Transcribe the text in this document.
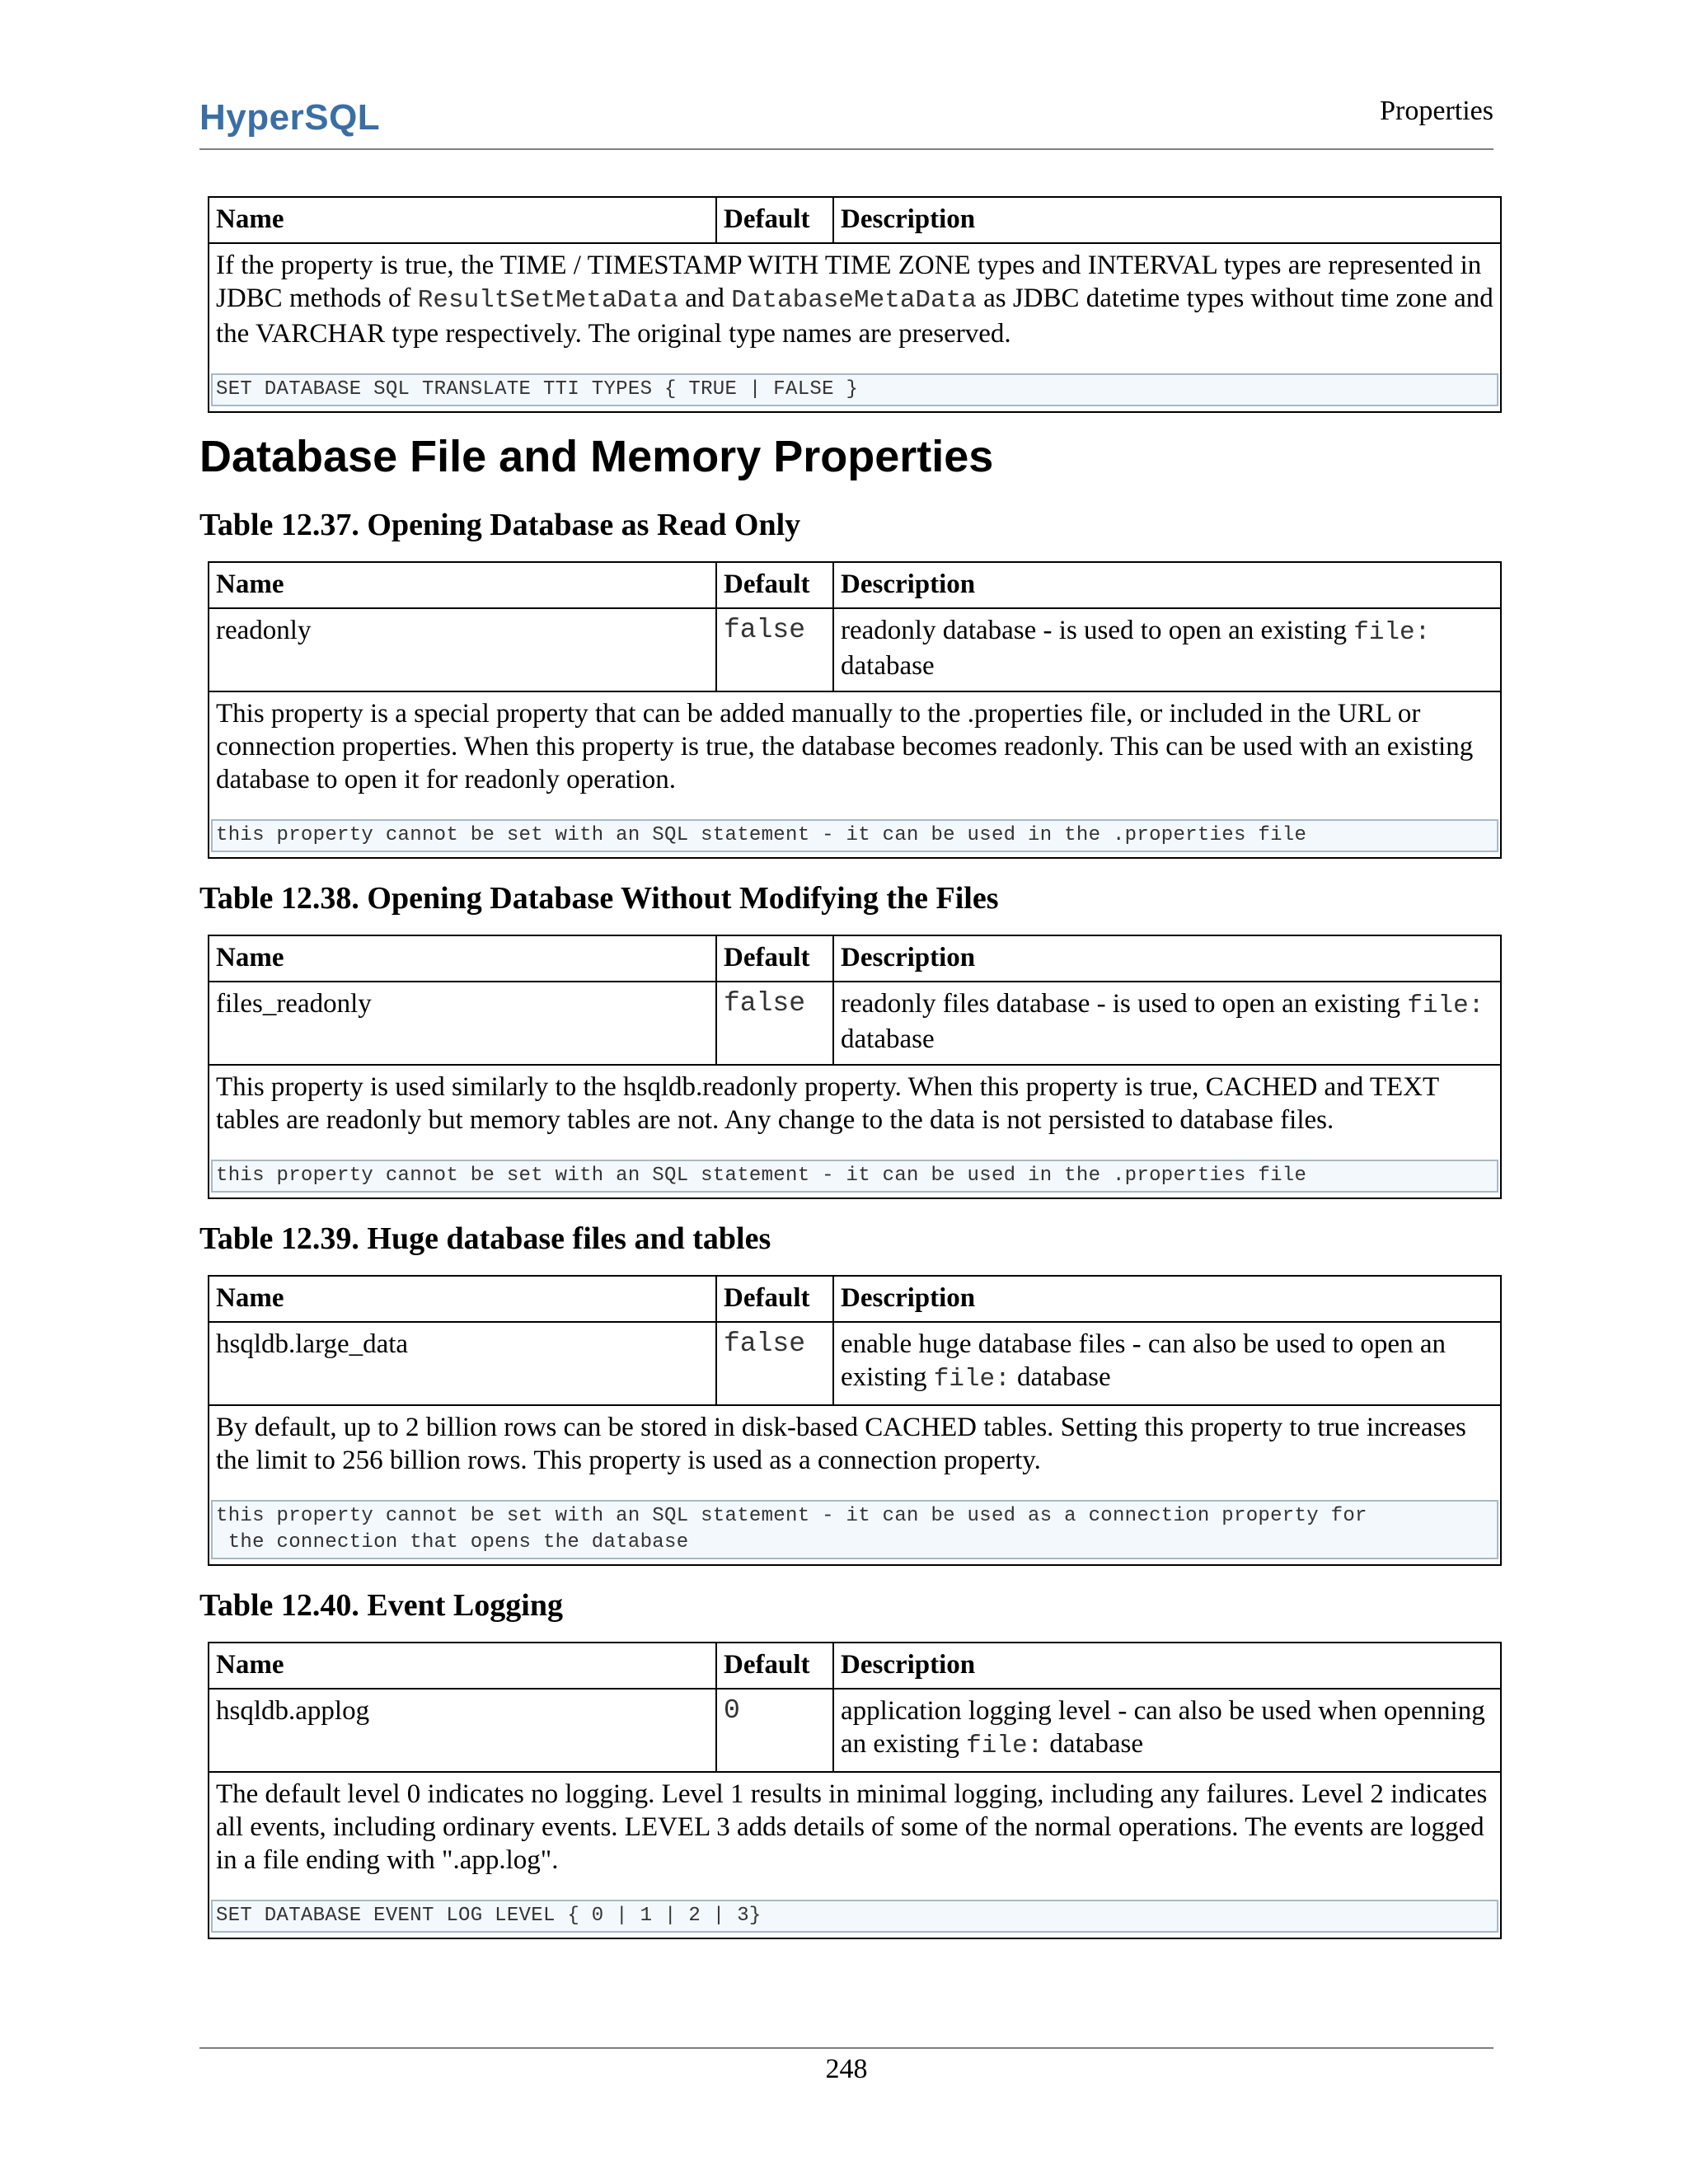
HyperSQL	Properties
Name	Default	Description
If the property is true, the TIME / TIMESTAMP WITH TIME ZONE types and INTERVAL types are represented in JDBC methods of ResultSetMetaData and DatabaseMetaData as JDBC datetime types without time zone and the VARCHAR type respectively. The original type names are preserved.
SET DATABASE SQL TRANSLATE TTI TYPES { TRUE | FALSE }
Database File and Memory Properties
Table 12.37. Opening Database as Read Only
Name	Default	Description
readonly	false	readonly database - is used to open an existing file: database
This property is a special property that can be added manually to the .properties file, or included in the URL or connection properties. When this property is true, the database becomes readonly. This can be used with an existing database to open it for readonly operation.
this property cannot be set with an SQL statement - it can be used in the .properties file		
Table 12.38. Opening Database Without Modifying the Files
Name	Default	Description
files_readonly	false	readonly files database - is used to open an existing file: database
This property is used similarly to the hsqldb.readonly property. When this property is true, CACHED and TEXT tables are readonly but memory tables are not. Any change to the data is not persisted to database files.
this property cannot be set with an SQL statement - it can be used in the .properties file		
Table 12.39. Huge database files and tables
Name	Default	Description
hsqldb.large_data	false	enable huge database files - can also be used to open an existing file: database
By default, up to 2 billion rows can be stored in disk-based CACHED tables. Setting this property to true increases the limit to 256 billion rows. This property is used as a connection property.
this property cannot be set with an SQL statement - it can be used as a connection property for
the connection that opens the database		
Table 12.40. Event Logging
Name	Default	Description
hsqldb.applog	0	application logging level - can also be used when openning an existing file: database
The default level 0 indicates no logging. Level 1 results in minimal logging, including any failures. Level 2 indicates all events, including ordinary events. LEVEL 3 adds details of some of the normal operations. The events are logged in a file ending with ".app.log".
SET DATABASE EVENT LOG LEVEL { 0 | 1 | 2 | 3}		
248
